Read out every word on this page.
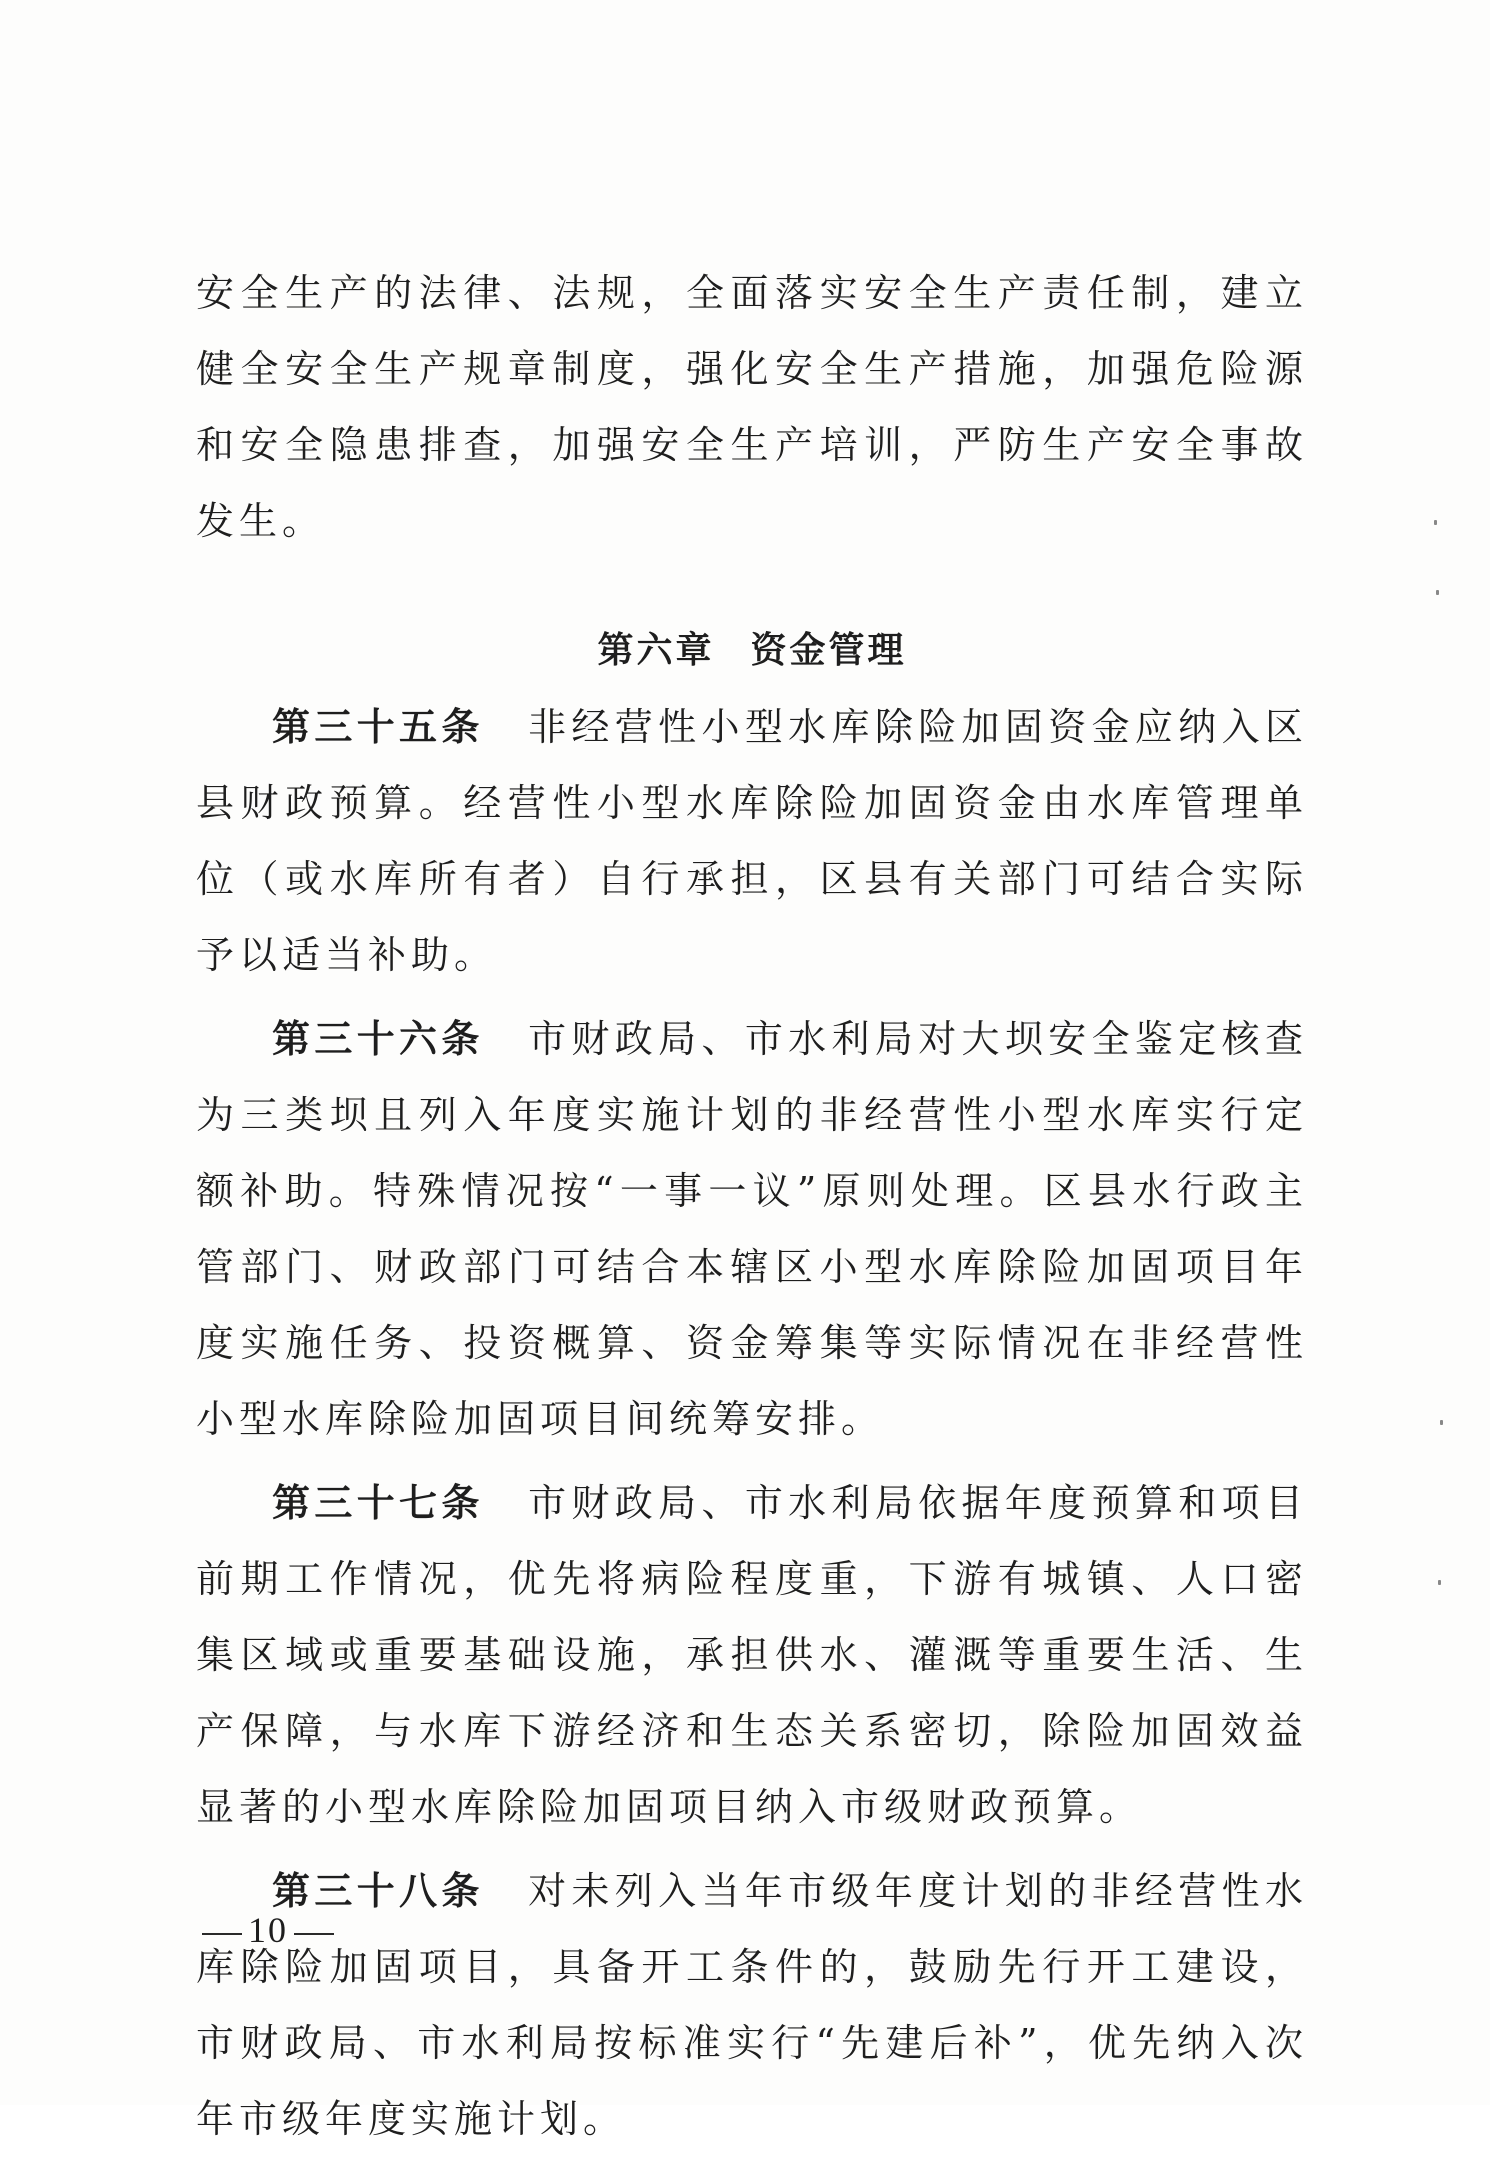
安全生产的法律、法规，全面落实安全生产责任制，建立健全安全生产规章制度，强化安全生产措施，加强危险源和安全隐患排查，加强安全生产培训，严防生产安全事故发生。

第六章 资金管理

第三十五条 非经营性小型水库除险加固资金应纳入区县财政预算。经营性小型水库除险加固资金由水库管理单位（或水库所有者）自行承担，区县有关部门可结合实际予以适当补助。

第三十六条 市财政局、市水利局对大坝安全鉴定核查为三类坝且列入年度实施计划的非经营性小型水库实行定额补助。特殊情况按“一事一议”原则处理。区县水行政主管部门、财政部门可结合本辖区小型水库除险加固项目年度实施任务、投资概算、资金筹集等实际情况在非经营性小型水库除险加固项目间统筹安排。

第三十七条 市财政局、市水利局依据年度预算和项目前期工作情况，优先将病险程度重，下游有城镇、人口密集区域或重要基础设施，承担供水、灌溉等重要生活、生产保障，与水库下游经济和生态关系密切，除险加固效益显著的小型水库除险加固项目纳入市级财政预算。

第三十八条 对未列入当年市级年度计划的非经营性水库除险加固项目，具备开工条件的，鼓励先行开工建设，市财政局、市水利局按标准实行“先建后补”，优先纳入次年市级年度实施计划。

10
